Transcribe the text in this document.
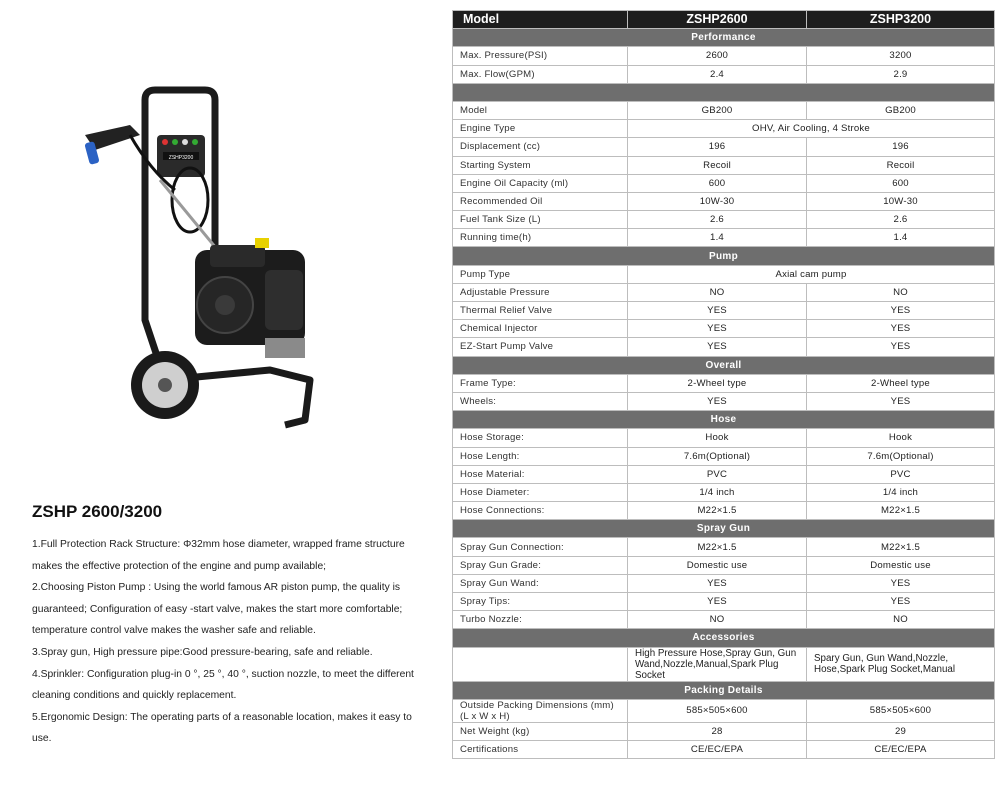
ZSHP3200
ZSHP 2600/3200

1.Full Protection Rack Structure: Φ32mm hose diameter, wrapped frame structure makes the effective protection of the engine and pump available;

2.Choosing Piston Pump : Using the world famous AR piston pump, the quality is guaranteed; Configuration of easy -start valve, makes the start more comfortable; temperature control valve makes the washer safe and reliable.

3.Spray gun, High pressure pipe:Good pressure-bearing, safe and reliable.

4.Sprinkler: Configuration plug-in 0 °, 25 °, 40 °, suction nozzle, to meet the different cleaning conditions and quickly replacement.

5.Ergonomic Design: The operating parts of a reasonable location, makes it easy to use.

Model	ZSHP2600	ZSHP3200
Performance		
Max. Pressure(PSI)	2600	3200
Max. Flow(GPM)	2.4	2.9

Model	GB200	GB200
Engine Type	OHV, Air Cooling, 4 Stroke	
Displacement (cc)	196	196
Starting System	Recoil	Recoil
Engine Oil Capacity (ml)	600	600
Recommended Oil	10W-30	10W-30
Fuel Tank Size (L)	2.6	2.6
Running time(h)	1.4	1.4
Pump		
Pump Type	Axial cam pump	
Adjustable Pressure	NO	NO
Thermal Relief Valve	YES	YES
Chemical Injector	YES	YES
EZ-Start Pump Valve	YES	YES
Overall		
Frame Type:	2-Wheel type	2-Wheel type
Wheels:	YES	YES
Hose		
Hose Storage:	Hook	Hook
Hose Length:	7.6m(Optional)	7.6m(Optional)
Hose Material:	PVC	PVC
Hose Diameter:	1/4 inch	1/4 inch
Hose Connections:	M22×1.5	M22×1.5
Spray Gun		
Spray Gun Connection:	M22×1.5	M22×1.5
Spray Gun Grade:	Domestic use	Domestic use
Spray Gun Wand:	YES	YES
Spray Tips:	YES	YES
Turbo Nozzle:	NO	NO
Accessories		
	High Pressure Hose,Spray Gun, Gun Wand,Nozzle,Manual,Spark Plug Socket	Spary Gun, Gun Wand,Nozzle, Hose,Spark Plug Socket,Manual
Packing Details		
Outside Packing Dimensions (mm) (L x W x H)	585×505×600	585×505×600
Net Weight (kg)	28	29
Certifications	CE/EC/EPA	CE/EC/EPA
